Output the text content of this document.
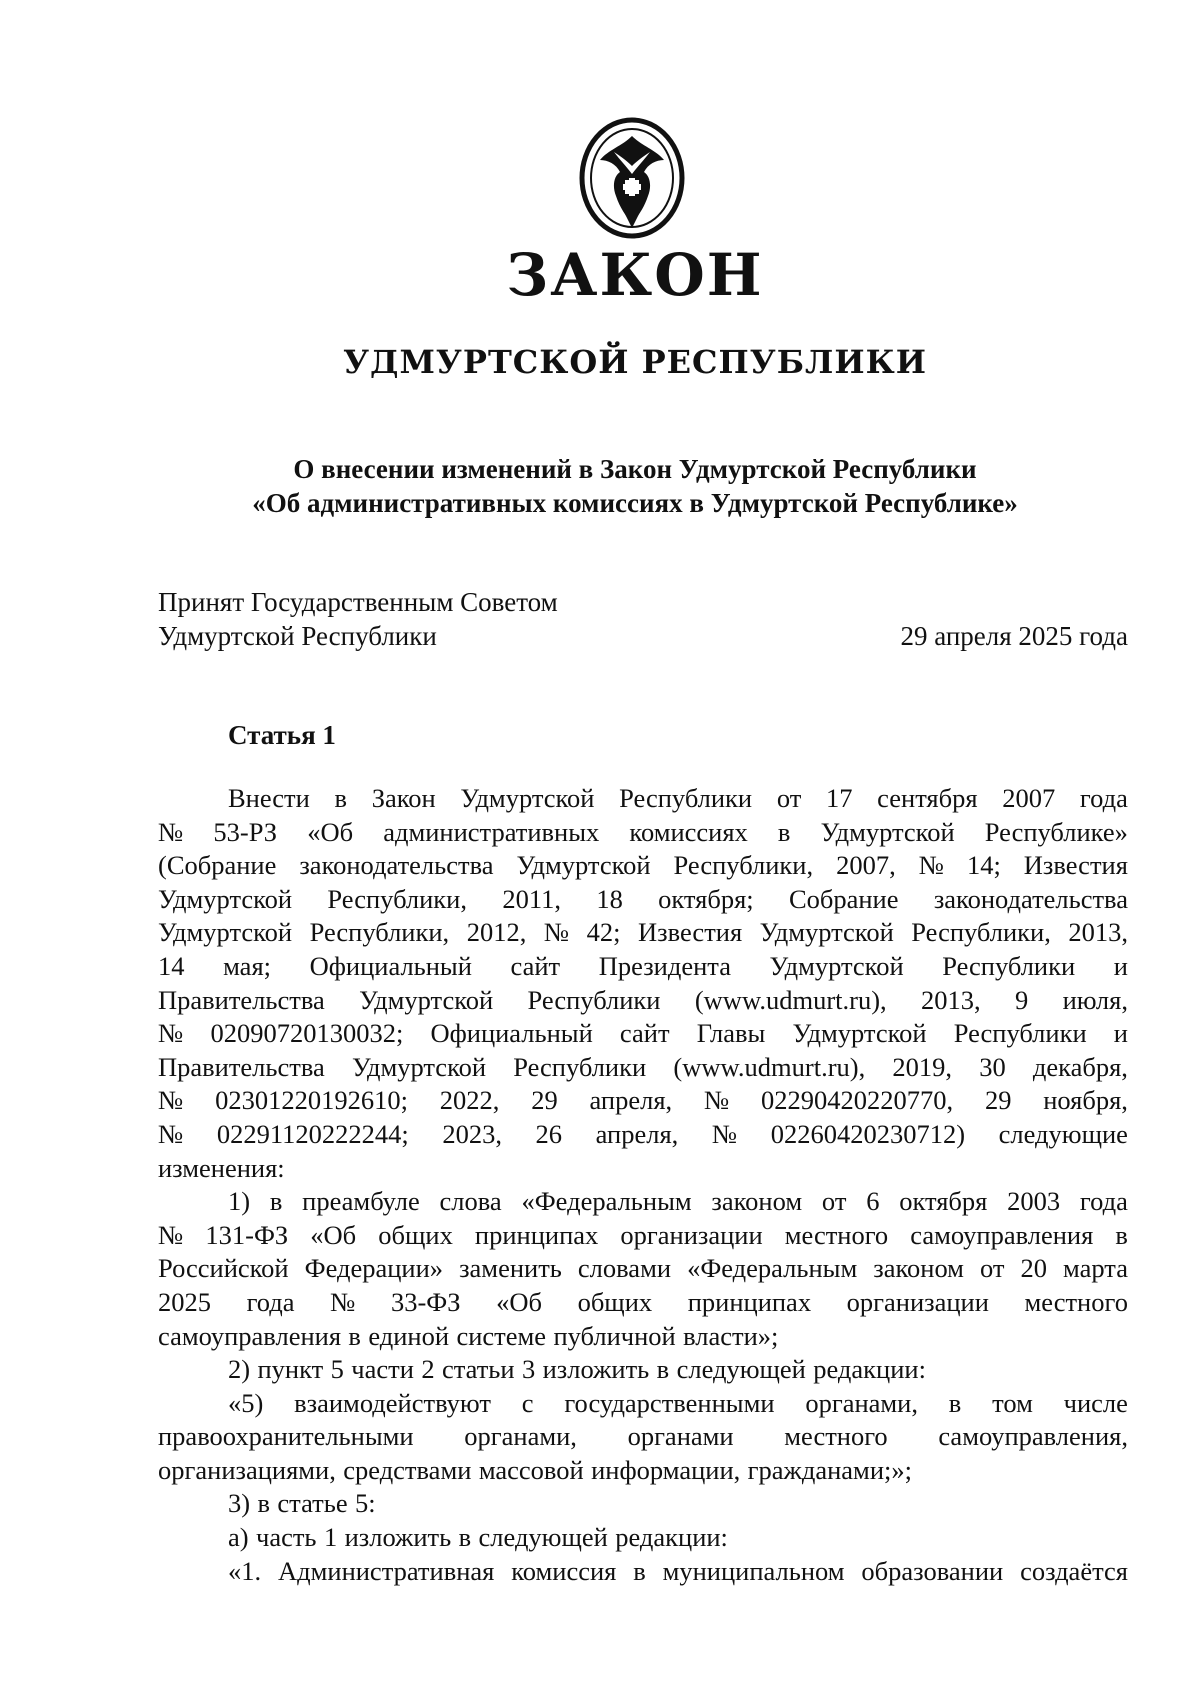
ЗАКОН
УДМУРТСКОЙ РЕСПУБЛИКИ
О внесении изменений в Закон Удмуртской Республики
«Об административных комиссиях в Удмуртской Республике»
Принят Государственным Советом
Удмуртской Республики	29 апреля 2025 года
Статья 1
Внести в Закон Удмуртской Республики от 17 сентября 2007 года
№ 53-РЗ «Об административных комиссиях в Удмуртской Республике»
(Собрание законодательства Удмуртской Республики, 2007, № 14; Известия
Удмуртской Республики, 2011, 18 октября; Собрание законодательства
Удмуртской Республики, 2012, № 42; Известия Удмуртской Республики, 2013,
14 мая; Официальный сайт Президента Удмуртской Республики и
Правительства Удмуртской Республики (www.udmurt.ru), 2013, 9 июля,
№ 02090720130032; Официальный сайт Главы Удмуртской Республики и
Правительства Удмуртской Республики (www.udmurt.ru), 2019, 30 декабря,
№ 02301220192610; 2022, 29 апреля, № 02290420220770, 29 ноября,
№ 02291120222244; 2023, 26 апреля, № 02260420230712) следующие
изменения:
1) в преамбуле слова «Федеральным законом от 6 октября 2003 года
№ 131-ФЗ «Об общих принципах организации местного самоуправления в
Российской Федерации» заменить словами «Федеральным законом от 20 марта
2025 года № 33-ФЗ «Об общих принципах организации местного
самоуправления в единой системе публичной власти»;
2) пункт 5 части 2 статьи 3 изложить в следующей редакции:
«5) взаимодействуют с государственными органами, в том числе
правоохранительными органами, органами местного самоуправления,
организациями, средствами массовой информации, гражданами;»;
3) в статье 5:
а) часть 1 изложить в следующей редакции:
«1. Административная комиссия в муниципальном образовании создаётся
